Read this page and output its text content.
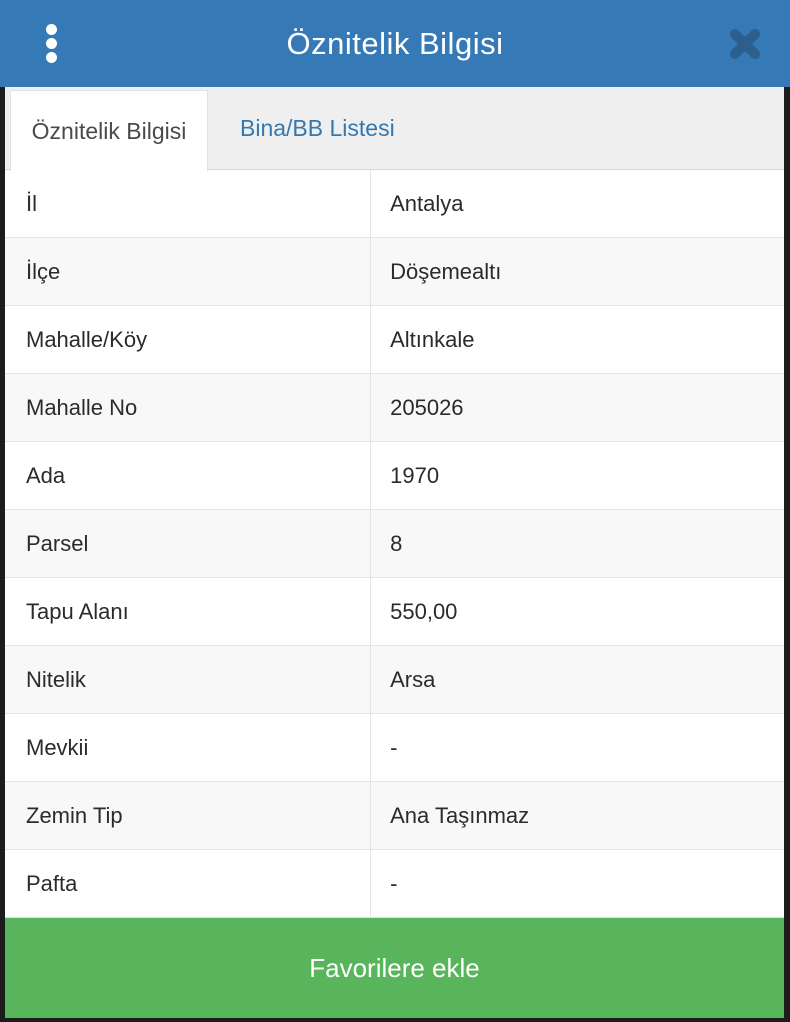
Öznitelik Bilgisi
Öznitelik Bilgisi Bina/BB Listesi
İl	Antalya
İlçe	Döşemealtı
Mahalle/Köy	Altınkale
Mahalle No	205026
Ada	1970
Parsel	8
Tapu Alanı	550,00
Nitelik	Arsa
Mevkii	-
Zemin Tip	Ana Taşınmaz
Pafta	-
Favorilere ekle
